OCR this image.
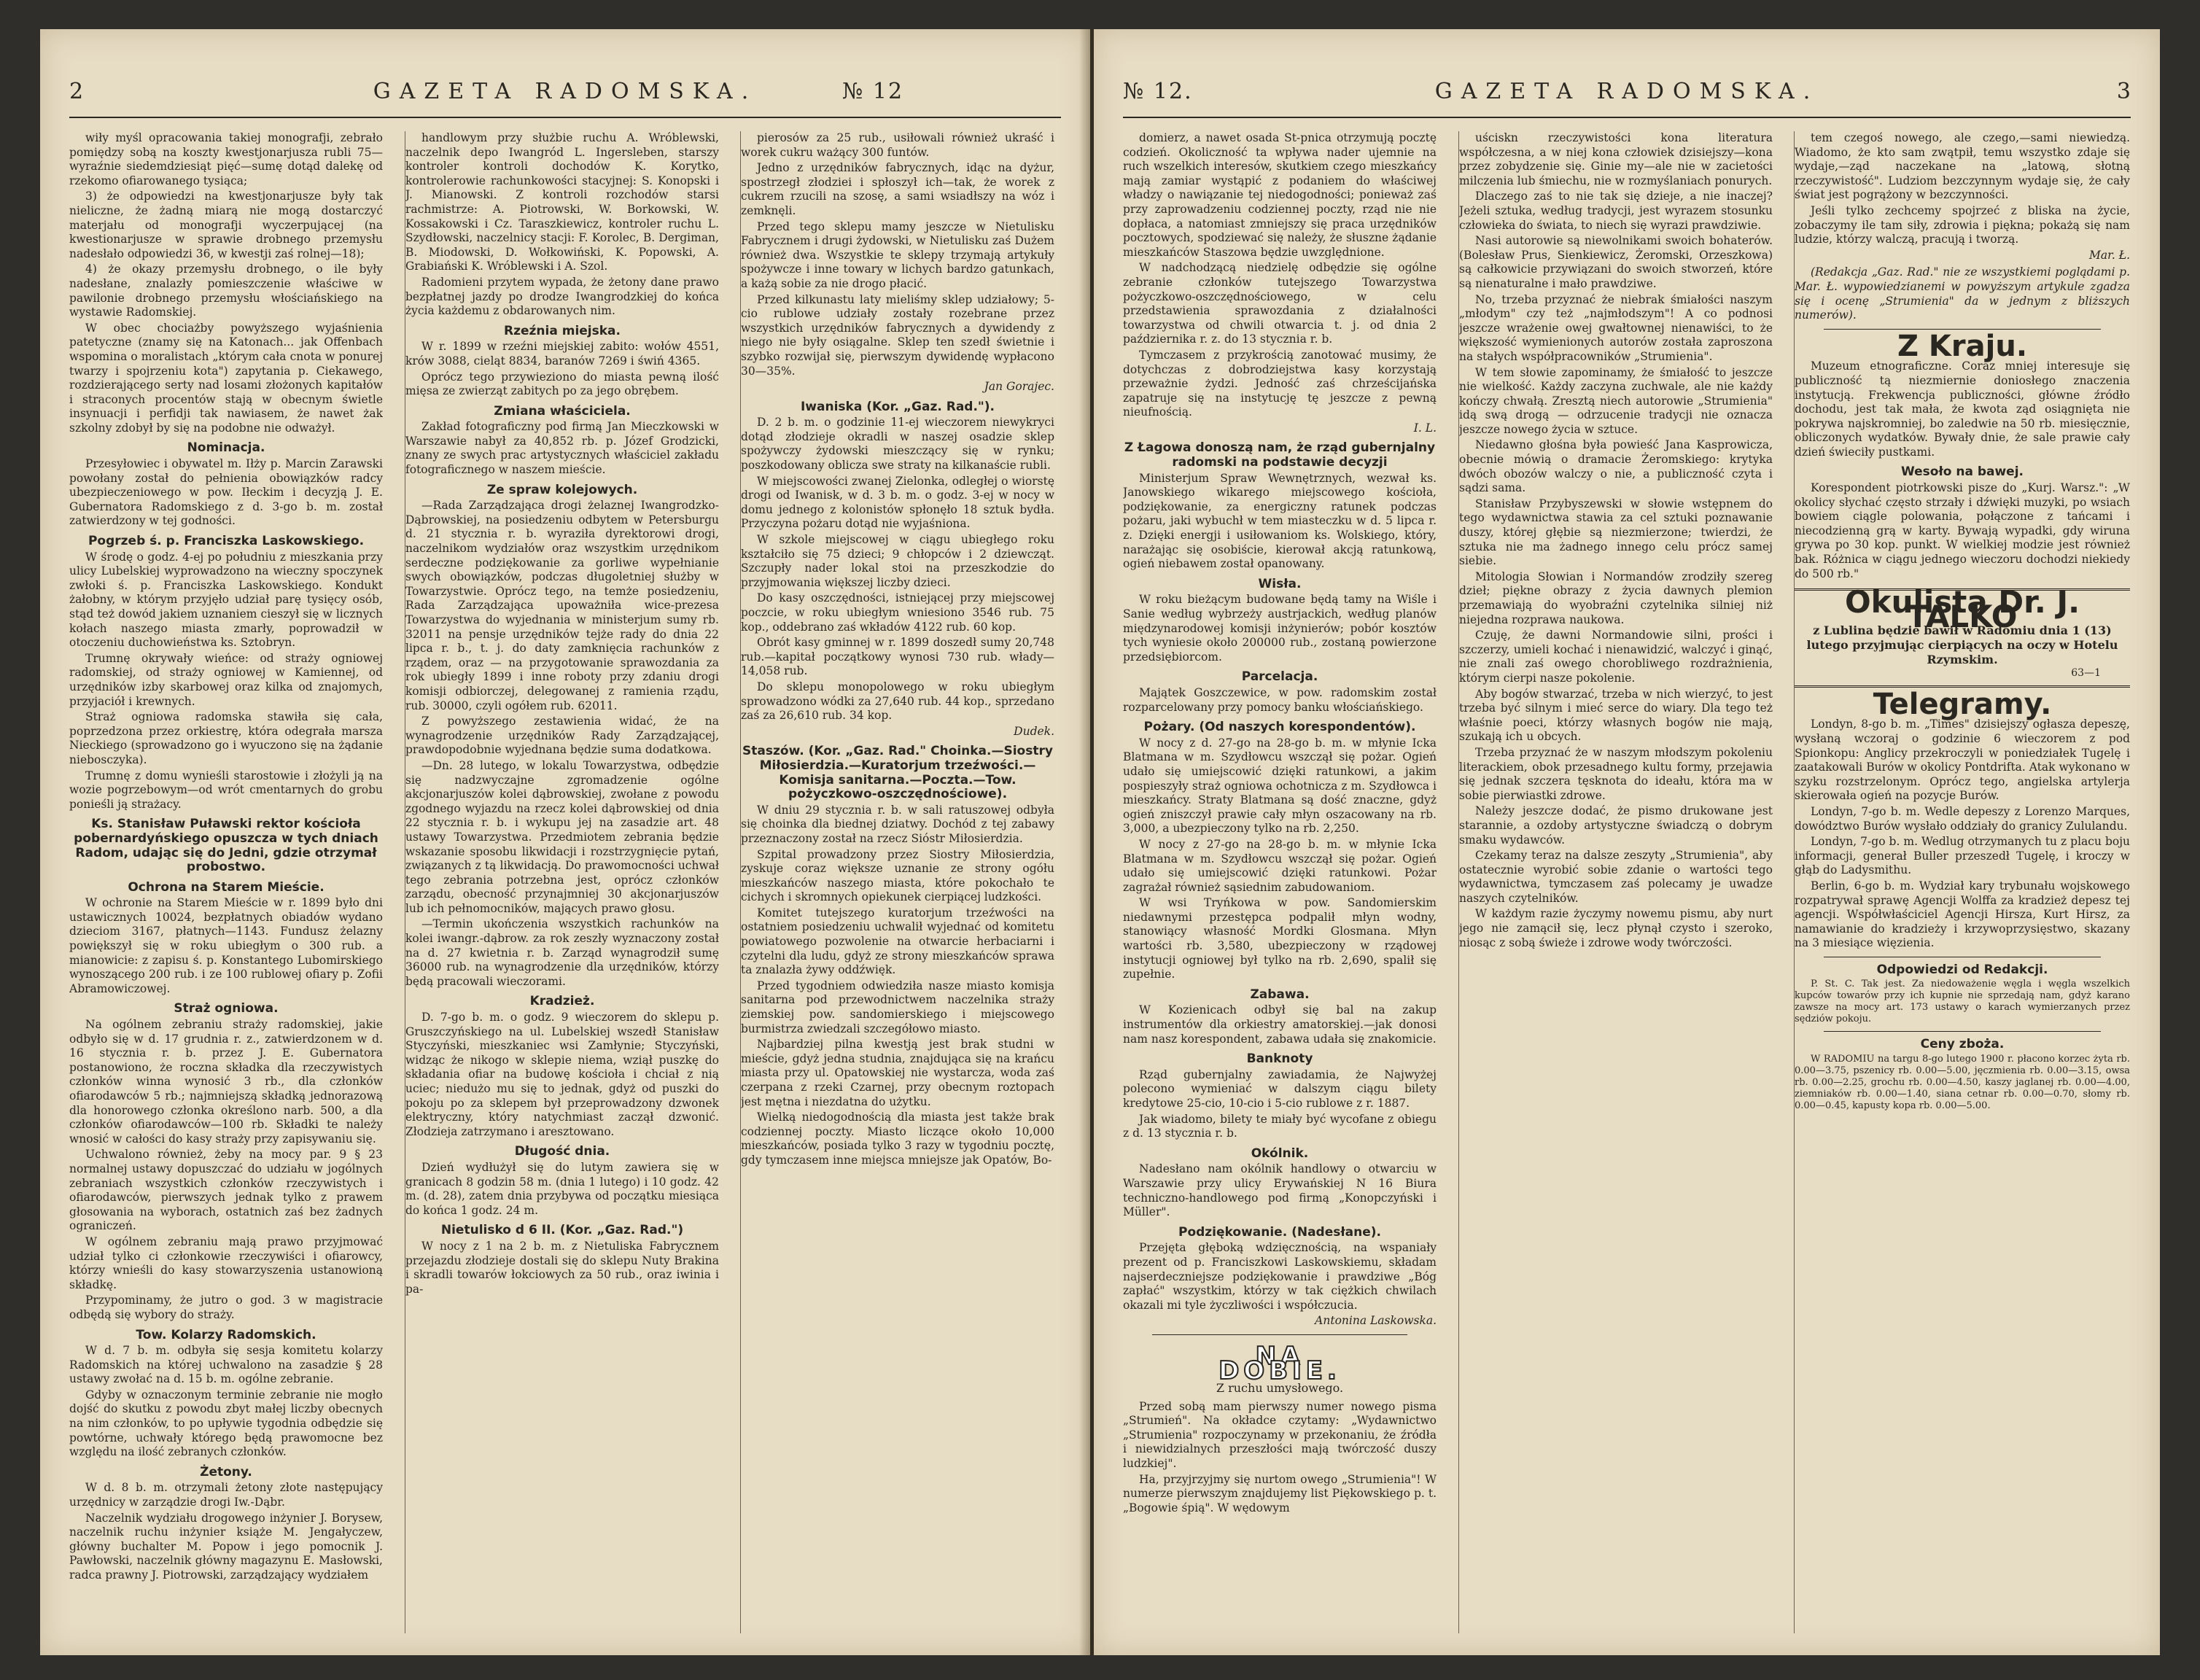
2	GAZETA RADOMSKA.	№ 12

wiły myśl opracowania takiej monografji, zebrało pomiędzy sobą na koszty kwestjonarjusza rubli 75—wyraźnie siedemdziesiąt pięć—sumę dotąd dalekę od rzekomo ofiarowanego tysiąca;

3) że odpowiedzi na kwestjonarjusze były tak nieliczne, że żadną miarą nie mogą dostarczyć materjału od monografji wyczerpującej (na kwestionarjusze w sprawie drobnego przemysłu nadesłało odpowiedzi 36, w kwestji zaś rolnej—18);

4) że okazy przemysłu drobnego, o ile były nadesłane, znalazły pomieszczenie właściwe w pawilonie drobnego przemysłu włościańskiego na wystawie Radomskiej.

W obec chociażby powyższego wyjaśnienia patetyczne (znamy się na Katonach... jak Offenbach wspomina o moralistach „którym cała cnota w ponurej twarzy i spojrzeniu kota") zapytania p. Ciekawego, rozdzierającego serty nad losami złożonych kapitałów i straconych procentów stają w obecnym świetle insynuacji i perfidji tak nawiasem, że nawet żak szkolny zdobył by się na podobne nie odważył.

Nominacja.

Przesyłowiec i obywatel m. Iłży p. Marcin Zarawski powołany został do pełnienia obowiązków radcy ubezpieczeniowego w pow. Iłeckim i decyzją J. E. Gubernatora Radomskiego z d. 3-go b. m. został zatwierdzony w tej godności.

Pogrzeb ś. p. Franciszka Laskowskiego.

W środę o godz. 4-ej po południu z mieszkania przy ulicy Lubelskiej wyprowadzono na wieczny spoczynek zwłoki ś. p. Franciszka Laskowskiego. Kondukt żałobny, w którym przyjęło udział parę tysięcy osób, stąd też dowód jakiem uznaniem cieszył się w licznych kołach naszego miasta zmarły, poprowadził w otoczeniu duchowieństwa ks. Sztobryn.

Trumnę okrywały wieńce: od straży ogniowej radomskiej, od straży ogniowej w Kamiennej, od urzędników izby skarbowej oraz kilka od znajomych, przyjaciół i krewnych.

Straż ogniowa radomska stawiła się cała, poprzedzona przez orkiestrę, która odegrała marsza Nieckiego (sprowadzono go i wyuczono się na żądanie niebosczyka).

Trumnę z domu wynieśli starostowie i złożyli ją na wozie pogrzebowym—od wrót cmentarnych do grobu ponieśli ją strażacy.

Ks. Stanisław Puławski rektor kościoła pobernardyńskiego opuszcza w tych dniach Radom, udając się do Jedni, gdzie otrzymał probostwo.
Ochrona na Starem Mieście.

W ochronie na Starem Mieście w r. 1899 było dni ustawicznych 10024, bezpłatnych obiadów wydano dzieciom 3167, płatnych—1143. Fundusz żelazny powiększył się w roku ubiegłym o 300 rub. a mianowicie: z zapisu ś. p. Konstantego Lubomirskiego wynoszącego 200 rub. i ze 100 rublowej ofiary p. Zofii Abramowiczowej.

Straż ogniowa.

Na ogólnem zebraniu straży radomskiej, jakie odbyło się w d. 17 grudnia r. z., zatwierdzonem w d. 16 stycznia r. b. przez J. E. Gubernatora postanowiono, że roczna składka dla rzeczywistych członków winna wynosić 3 rb., dla członków ofiarodawców 5 rb.; najmniejszą składką jednorazową dla honorowego członka określono narb. 500, a dla członków ofiarodawców—100 rb. Składki te należy wnosić w całości do kasy straży przy zapisywaniu się.

Uchwalono również, żeby na mocy par. 9 § 23 normalnej ustawy dopuszczać do udziału w jogólnych zebraniach wszystkich członków rzeczywistych i ofiarodawców, pierwszych jednak tylko z prawem głosowania na wyborach, ostatnich zaś bez żadnych ograniczeń.

W ogólnem zebraniu mają prawo przyjmować udział tylko ci członkowie rzeczywiści i ofiarowcy, którzy wnieśli do kasy stowarzyszenia ustanowioną składkę.

Przypominamy, że jutro o god. 3 w magistracie odbędą się wybory do straży.

Tow. Kolarzy Radomskich.

W d. 7 b. m. odbyła się sesja komitetu kolarzy Radomskich na której uchwalono na zasadzie § 28 ustawy zwołać na d. 15 b. m. ogólne zebranie.

Gdyby w oznaczonym terminie zebranie nie mogło dojść do skutku z powodu zbyt małej liczby obecnych na nim członków, to po upływie tygodnia odbędzie się powtórne, uchwały którego będą prawomocne bez względu na ilość zebranych członków.

Żetony.

W d. 8 b. m. otrzymali żetony złote następujący urzędnicy w zarządzie drogi Iw.-Dąbr.

Naczelnik wydziału drogowego inżynier J. Borysew, naczelnik ruchu inżynier książe M. Jengałyczew, główny buchalter M. Popow i jego pomocnik J. Pawłowski, naczelnik główny magazynu E. Masłowski, radca prawny J. Piotrowski, zarządzający wydziałem

handlowym przy służbie ruchu A. Wróblewski, naczelnik depo Iwangród L. Ingersleben, starszy kontroler kontroli dochodów K. Korytko, kontrolerowie rachunkowości stacyjnej: S. Konopski i J. Mianowski. Z kontroli rozchodów starsi rachmistrze: A. Piotrowski, W. Borkowski, W. Kossakowski i Cz. Taraszkiewicz, kontroler ruchu L. Szydłowski, naczelnicy stacji: F. Korolec, B. Dergiman, B. Miodowski, D. Wołkowiński, K. Popowski, A. Grabiański K. Wróblewski i A. Szol.

Radomieni przytem wypada, że żetony dane prawo bezpłatnej jazdy po drodze Iwangrodzkiej do końca życia każdemu z obdarowanych nim.

Rzeźnia miejska.

W r. 1899 w rzeźni miejskiej zabito: wołów 4551, krów 3088, cieląt 8834, baranów 7269 i świń 4365.

Oprócz tego przywieziono do miasta pewną ilość mięsa ze zwierząt zabitych po za jego obrębem.

Zmiana właściciela.

Zakład fotograficzny pod firmą Jan Mieczkowski w Warszawie nabył za 40,852 rb. p. Józef Grodzicki, znany ze swych prac artystycznych właściciel zakładu fotograficznego w naszem mieście.

Ze spraw kolejowych.

—Rada Zarządzająca drogi żelaznej Iwangrodzko-Dąbrowskiej, na posiedzeniu odbytem w Petersburgu d. 21 stycznia r. b. wyraziła dyrektorowi drogi, naczelnikom wydziałów oraz wszystkim urzędnikom serdeczne podziękowanie za gorliwe wypełnianie swych obowiązków, podczas długoletniej służby w Towarzystwie. Oprócz tego, na temże posiedzeniu, Rada Zarządzająca upoważniła wice-prezesa Towarzystwa do wyjednania w ministerjum sumy rb. 32011 na pensje urzędników tejże rady do dnia 22 lipca r. b., t. j. do daty zamknięcia rachunków z rządem, oraz — na przygotowanie sprawozdania za rok ubiegły 1899 i inne roboty przy zdaniu drogi komisji odbiorczej, delegowanej z ramienia rządu, rub. 30000, czyli ogółem rub. 62011.

Z powyższego zestawienia widać, że na wynagrodzenie urzędników Rady Zarządzającej, prawdopodobnie wyjednana będzie suma dodatkowa.

—Dn. 28 lutego, w lokalu Towarzystwa, odbędzie się nadzwyczajne zgromadzenie ogólne akcjonarjuszów kolei dąbrowskiej, zwołane z powodu zgodnego wyjazdu na rzecz kolei dąbrowskiej od dnia 22 stycznia r. b. i wykupu jej na zasadzie art. 48 ustawy Towarzystwa. Przedmiotem zebrania będzie wskazanie sposobu likwidacji i rozstrzygnięcie pytań, związanych z tą likwidacją. Do prawomocności uchwał tego zebrania potrzebna jest, oprócz członków zarządu, obecność przynajmniej 30 akcjonarjuszów lub ich pełnomocników, mających prawo głosu.

—Termin ukończenia wszystkich rachunków na kolei iwangr.-dąbrow. za rok zeszły wyznaczony został na d. 27 kwietnia r. b. Zarząd wynagrodził sumę 36000 rub. na wynagrodzenie dla urzędników, którzy będą pracowali wieczorami.

Kradzież.

D. 7-go b. m. o godz. 9 wieczorem do sklepu p. Gruszczyńskiego na ul. Lubelskiej wszedł Stanisław Styczyński, mieszkaniec wsi Zamłynie; Styczyński, widząc że nikogo w sklepie niema, wziął puszkę do składania ofiar na budowę kościoła i chciał z nią uciec; niedużo mu się to jednak, gdyż od puszki do pokoju po za sklepem był przeprowadzony dzwonek elektryczny, który natychmiast zaczął dzwonić. Złodzieja zatrzymano i aresztowano.

Długość dnia.

Dzień wydłużył się do lutym zawiera się w granicach 8 godzin 58 m. (dnia 1 lutego) i 10 godz. 42 m. (d. 28), zatem dnia przybywa od początku miesiąca do końca 1 godz. 24 m.

Nietulisko d 6 II. (Kor. „Gaz. Rad.")

W nocy z 1 na 2 b. m. z Nietuliska Fabrycznem przejazdu złodzieje dostali się do sklepu Nuty Brakina i skradli towarów łokciowych za 50 rub., oraz iwinia i pa-

pierosów za 25 rub., usiłowali również ukraść i worek cukru ważący 300 funtów.

Jedno z urzędników fabrycznych, idąc na dyżur, spostrzegł złodziei i spłoszył ich—tak, że worek z cukrem rzucili na szosę, a sami wsiadłszy na wóz i zemknęli.

Przed tego sklepu mamy jeszcze w Nietulisku Fabrycznem i drugi żydowski, w Nietulisku zaś Dużem również dwa. Wszystkie te sklepy trzymają artykuły spożywcze i inne towary w lichych bardzo gatunkach, a każą sobie za nie drogo płacić.

Przed kilkunastu laty mieliśmy sklep udziałowy; 5-cio rublowe udziały zostały rozebrane przez wszystkich urzędników fabrycznych a dywidendy z niego nie były osiągalne. Sklep ten szedł świetnie i szybko rozwijał się, pierwszym dywidendę wypłacono 30—35%.

Jan Gorajec.
Iwaniska (Kor. „Gaz. Rad.").

D. 2 b. m. o godzinie 11-ej wieczorem niewykryci dotąd złodzieje okradli w naszej osadzie sklep spożywczy żydowski mieszczący się w rynku; poszkodowany oblicza swe straty na kilkanaście rubli.

W miejscowości zwanej Zielonka, odległej o wiorstę drogi od Iwanisk, w d. 3 b. m. o godz. 3-ej w nocy w domu jednego z kolonistów spłonęło 18 sztuk bydła. Przyczyna pożaru dotąd nie wyjaśniona.

W szkole miejscowej w ciągu ubiegłego roku kształciło się 75 dzieci; 9 chłopców i 2 dziewcząt. Szczupły nader lokal stoi na przeszkodzie do przyjmowania większej liczby dzieci.

Do kasy oszczędności, istniejącej przy miejscowej poczcie, w roku ubiegłym wniesiono 3546 rub. 75 kop., oddebrano zaś wkładów 4122 rub. 60 kop.

Obrót kasy gminnej w r. 1899 doszedł sumy 20,748 rub.—kapitał początkowy wynosi 730 rub. włady—14,058 rub.

Do sklepu monopolowego w roku ubiegłym sprowadzono wódki za 27,640 rub. 44 kop., sprzedano zaś za 26,610 rub. 34 kop.

Dudek.
Staszów. (Kor. „Gaz. Rad." Choinka.—Siostry Miłosierdzia.—Kuratorjum trzeźwości.—Komisja sanitarna.—Poczta.—Tow. pożyczkowo-oszczędnościowe).

W dniu 29 stycznia r. b. w sali ratuszowej odbyła się choinka dla biednej dziatwy. Dochód z tej zabawy przeznaczony został na rzecz Sióstr Miłosierdzia.

Szpital prowadzony przez Siostry Miłosierdzia, zyskuje coraz większe uznanie ze strony ogółu mieszkańców naszego miasta, które pokochało te cichych i skromnych opiekunek cierpiącej ludzkości.

Komitet tutejszego kuratorjum trzeźwości na ostatniem posiedzeniu uchwalił wyjednać od komitetu powiatowego pozwolenie na otwarcie herbaciarni i czytelni dla ludu, gdyż ze strony mieszkańców sprawa ta znalazła żywy oddźwięk.

Przed tygodniem odwiedziła nasze miasto komisja sanitarna pod przewodnictwem naczelnika straży ziemskiej pow. sandomierskiego i miejscowego burmistrza zwiedzali szczegółowo miasto.

Najbardziej pilna kwestją jest brak studni w mieście, gdyż jedna studnia, znajdująca się na krańcu miasta przy ul. Opatowskiej nie wystarcza, woda zaś czerpana z rzeki Czarnej, przy obecnym roztopach jest mętna i niezdatna do użytku.

Wielką niedogodnością dla miasta jest także brak codziennej poczty. Miasto liczące około 10,000 mieszkańców, posiada tylko 3 razy w tygodniu pocztę, gdy tymczasem inne miejsca mniejsze jak Opatów, Bo-

№ 12.	GAZETA RADOMSKA.	3

domierz, a nawet osada St-pnica otrzymują pocztę codzień. Okoliczność ta wpływa nader ujemnie na ruch wszelkich interesów, skutkiem czego mieszkańcy mają zamiar wystąpić z podaniem do właściwej władzy o nawiązanie tej niedogodności; ponieważ zaś przy zaprowadzeniu codziennej poczty, rząd nie nie dopłaca, a natomiast zmniejszy się praca urzędników pocztowych, spodziewać się należy, że słuszne żądanie mieszkańców Staszowa będzie uwzględnione.

W nadchodzącą niedzielę odbędzie się ogólne zebranie członków tutejszego Towarzystwa pożyczkowo-oszczędnościowego, w celu przedstawienia sprawozdania z działalności towarzystwa od chwili otwarcia t. j. od dnia 2 października r. z. do 13 stycznia r. b.

Tymczasem z przykrością zanotować musimy, że dotychczas z dobrodziejstwa kasy korzystają przeważnie żydzi. Jedność zaś chrześcijańska zapatruje się na instytucję tę jeszcze z pewną nieufnością.

I. L.
Z Łagowa donoszą nam, że rząd gubernjalny radomski na podstawie decyzji

Ministerjum Spraw Wewnętrznych, wezwał ks. Janowskiego wikarego miejscowego kościoła, podziękowanie, za energiczny ratunek podczas pożaru, jaki wybuchł w tem miasteczku w d. 5 lipca r. z. Dzięki energji i usiłowaniom ks. Wolskiego, który, narażając się osobiście, kierował akcją ratunkową, ogień niebawem został opanowany.

Wisła.

W roku bieżącym budowane będą tamy na Wiśle i Sanie według wybrzeży austrjackich, według planów międzynarodowej komisji inżynierów; pobór kosztów tych wyniesie około 200000 rub., zostaną powierzone przedsiębiorcom.

Parcelacja.

Majątek Goszczewice, w pow. radomskim został rozparcelowany przy pomocy banku włościańskiego.

Pożary. (Od naszych korespondentów).

W nocy z d. 27-go na 28-go b. m. w młynie Icka Blatmana w m. Szydłowcu wszczął się pożar. Ogień udało się umiejscowić dzięki ratunkowi, a jakim pospieszyły straż ogniowa ochotnicza z m. Szydłowca i mieszkańcy. Straty Blatmana są dość znaczne, gdyż ogień zniszczył prawie cały młyn oszacowany na rb. 3,000, a ubezpieczony tylko na rb. 2,250.

W nocy z 27-go na 28-go b. m. w młynie Icka Blatmana w m. Szydłowcu wszczął się pożar. Ogień udało się umiejscowić dzięki ratunkowi. Pożar zagrażał również sąsiednim zabudowaniom.

W wsi Tryńkowa w pow. Sandomierskim niedawnymi przestępca podpalił młyn wodny, stanowiący własność Mordki Glosmana. Młyn wartości rb. 3,580, ubezpieczony w rządowej instytucji ogniowej był tylko na rb. 2,690, spalił się zupełnie.

Zabawa.

W Kozienicach odbył się bal na zakup instrumentów dla orkiestry amatorskiej.—jak donosi nam nasz korespondent, zabawa udała się znakomicie.

Banknoty

Rząd gubernjalny zawiadamia, że Najwyżej polecono wymieniać w dalszym ciągu bilety kredytowe 25-cio, 10-cio i 5-cio rublowe z r. 1887.

Jak wiadomo, bilety te miały być wycofane z obiegu z d. 13 stycznia r. b.

Okólnik.

Nadesłano nam okólnik handlowy o otwarciu w Warszawie przy ulicy Erywańskiej N 16 Biura techniczno-handlowego pod firmą „Konopczyński i Müller".

Podziękowanie. (Nadesłane).

Przejęta głęboką wdzięcznością, na wspaniały prezent od p. Franciszkowi Laskowskiemu, składam najserdeczniejsze podziękowanie i prawdziwe „Bóg zapłać" wszystkim, którzy w tak ciężkich chwilach okazali mi tyle życzliwości i współczucia.

Antonina Laskowska.
NA DOBIE.
Z ruchu umysłowego.

Przed sobą mam pierwszy numer nowego pisma „Strumień". Na okładce czytamy: „Wydawnictwo „Strumienia" rozpoczynamy w przekonaniu, że źródła i niewidzialnych przeszłości mają twórczość duszy ludzkiej".

Ha, przyjrzyjmy się nurtom owego „Strumienia"! W numerze pierwszym znajdujemy list Piękowskiego p. t. „Bogowie śpią". W wędowym

uściskn rzeczywistości kona literatura współczesna, a w niej kona człowiek dzisiejszy—kona przez zobydzenie się. Ginie my—ale nie w zacietości milczenia lub śmiechu, nie w rozmyślaniach ponurych.

Dlaczego zaś to nie tak się dzieje, a nie inaczej? Jeżeli sztuka, według tradycji, jest wyrazem stosunku człowieka do świata, to niech się wyrazi prawdziwie.

Nasi autorowie są niewolnikami swoich bohaterów. (Bolesław Prus, Sienkiewicz, Żeromski, Orzeszkowa) są całkowicie przywiązani do swoich stworzeń, które są nienaturalne i mało prawdziwe.

No, trzeba przyznać że niebrak śmiałości naszym „młodym" czy też „najmłodszym"! A co podnosi jeszcze wrażenie owej gwałtownej nienawiści, to że większość wymienionych autorów została zaproszona na stałych współpracowników „Strumienia".

W tem słowie zapominamy, że śmiałość to jeszcze nie wielkość. Każdy zaczyna zuchwale, ale nie każdy kończy chwałą. Zresztą niech autorowie „Strumienia" idą swą drogą — odrzucenie tradycji nie oznacza jeszcze nowego życia w sztuce.

Niedawno głośna była powieść Jana Kasprowicza, obecnie mówią o dramacie Żeromskiego: krytyka dwóch obozów walczy o nie, a publiczność czyta i sądzi sama.

Stanisław Przybyszewski w słowie wstępnem do tego wydawnictwa stawia za cel sztuki poznawanie duszy, której głębie są niezmierzone; twierdzi, że sztuka nie ma żadnego innego celu prócz samej siebie.

Mitologia Słowian i Normandów zrodziły szereg dzieł; piękne obrazy z życia dawnych plemion przemawiają do wyobraźni czytelnika silniej niż niejedna rozprawa naukowa.

Czuję, że dawni Normandowie silni, prości i szczerzy, umieli kochać i nienawidzić, walczyć i ginąć, nie znali zaś owego chorobliwego rozdrażnienia, którym cierpi nasze pokolenie.

Aby bogów stwarzać, trzeba w nich wierzyć, to jest trzeba być silnym i mieć serce do wiary. Dla tego też właśnie poeci, którzy własnych bogów nie mają, szukają ich u obcych.

Trzeba przyznać że w naszym młodszym pokoleniu literackiem, obok przesadnego kultu formy, przejawia się jednak szczera tęsknota do ideału, która ma w sobie pierwiastki zdrowe.

Należy jeszcze dodać, że pismo drukowane jest starannie, a ozdoby artystyczne świadczą o dobrym smaku wydawców.

Czekamy teraz na dalsze zeszyty „Strumienia", aby ostatecznie wyrobić sobie zdanie o wartości tego wydawnictwa, tymczasem zaś polecamy je uwadze naszych czytelników.

W każdym razie życzymy nowemu pismu, aby nurt jego nie zamącił się, lecz płynął czysto i szeroko, niosąc z sobą świeże i zdrowe wody twórczości.

tem czegoś nowego, ale czego,—sami niewiedzą. Wiadomo, że kto sam zwątpił, temu wszystko zdaje się wydaje,—ząd naczekane na „latową, słotną rzeczywistość". Ludziom bezczynnym wydaje się, że cały świat jest pogrążony w bezczynności.

Jeśli tylko zechcemy spojrzeć z bliska na życie, zobaczymy ile tam siły, zdrowia i piękna; pokażą się nam ludzie, którzy walczą, pracują i tworzą.

Mar. Ł.

(Redakcja „Gaz. Rad." nie ze wszystkiemi poglądami p. Mar. Ł. wypowiedzianemi w powyższym artykule zgadza się i ocenę „Strumienia" da w jednym z bliższych numerów).

Z Kraju.

Muzeum etnograficzne. Coraz mniej interesuje się publiczność tą niezmiernie doniosłego znaczenia instytucją. Frekwencja publiczności, główne źródło dochodu, jest tak mała, że kwota ząd osiągnięta nie pokrywa najskromniej, bo zaledwie na 50 rb. miesięcznie, obliczonych wydatków. Bywały dnie, że sale prawie cały dzień świeciły pustkami.

Wesoło na bawej.

Korespondent piotrkowski pisze do „Kurj. Warsz.": „W okolicy słychać często strzały i dźwięki muzyki, po wsiach bowiem ciągle polowania, połączone z tańcami i niecodzienną grą w karty. Bywają wypadki, gdy wiruna grywa po 30 kop. punkt. W wielkiej modzie jest również bak. Różnica w ciągu jednego wieczoru dochodzi niekiedy do 500 rb."

Okulista Dr. J. TALKO
z Lublina będzie bawił w Radomiu dnia 1 (13) lutego przyjmując cierpiących na oczy w Hotelu Rzymskim.
63—1
Telegramy.

Londyn, 8-go b. m. „Times" dzisiejszy ogłasza depeszę, wysłaną wczoraj o godzinie 6 wieczorem z pod Spionkopu: Anglicy przekroczyli w poniedziałek Tugelę i zaatakowali Burów w okolicy Pontdrifta. Atak wykonano w szyku rozstrzelonym. Oprócz tego, angielska artylerja skierowała ogień na pozycje Burów.

Londyn, 7-go b. m. Wedle depeszy z Lorenzo Marques, dowództwo Burów wysłało oddziały do granicy Zululandu.

Londyn, 7-go b. m. Wedlug otrzymanych tu z placu boju informacji, generał Buller przeszedł Tugelę, i kroczy w głąb do Ladysmithu.

Berlin, 6-go b. m. Wydział kary trybunału wojskowego rozpatrywał sprawę Agencji Wolffa za kradzież depesz tej agencji. Współwłaściciel Agencji Hirsza, Kurt Hirsz, za namawianie do kradzieży i krzywoprzysięstwo, skazany na 3 miesiące więzienia.

Odpowiedzi od Redakcji.

P. St. C. Tak jest. Za niedoważenie węgla i węgla wszelkich kupców towarów przy ich kupnie nie sprzedają nam, gdyż karano zawsze na mocy art. 173 ustawy o karach wymierzanych przez sędziów pokoju.

Ceny zboża.

W RADOMIU na targu 8-go lutego 1900 r. płacono korzec żyta rb. 0.00—3.75, pszenicy rb. 0.00—5.00, jęczmienia rb. 0.00—3.15, owsa rb. 0.00—2.25, grochu rb. 0.00—4.50, kaszy jaglanej rb. 0.00—4.00, ziemniaków rb. 0.00—1.40, siana cetnar rb. 0.00—0.70, słomy rb. 0.00—0.45, kapusty kopa rb. 0.00—5.00.
